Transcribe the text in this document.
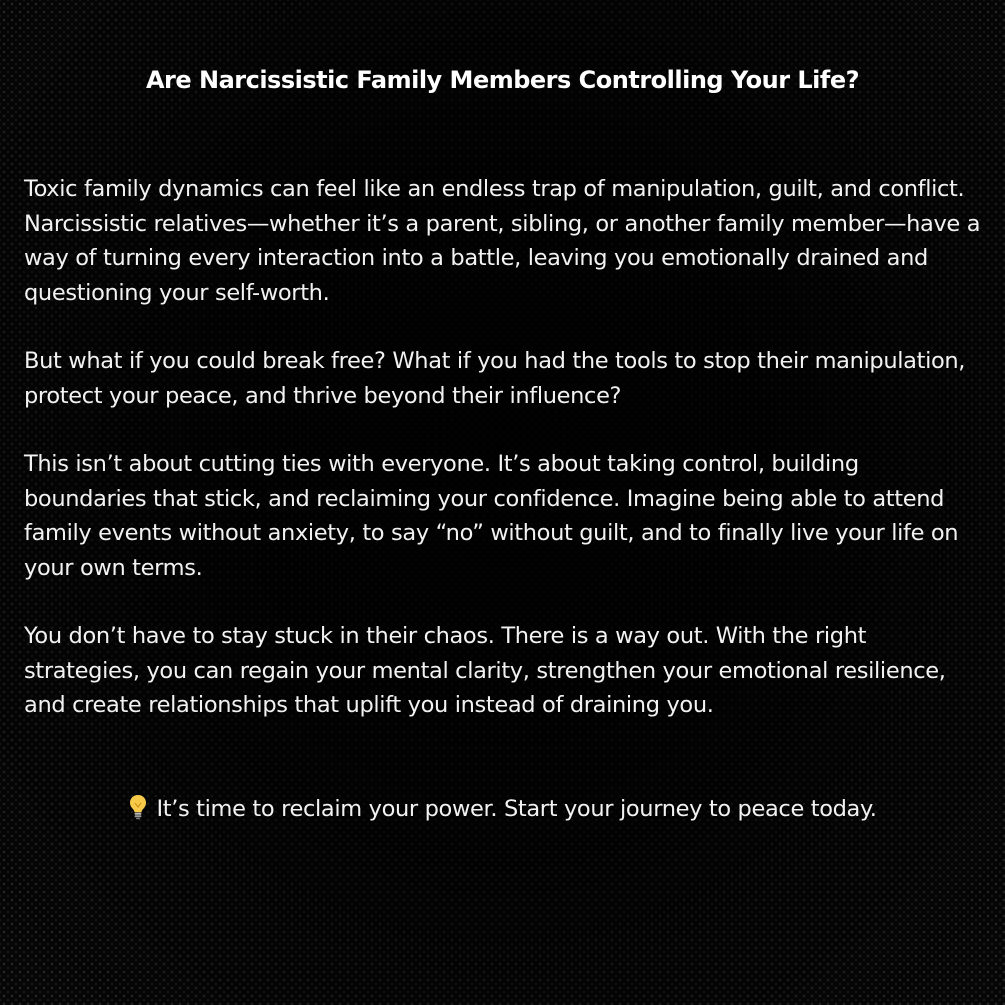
Are Narcissistic Family Members Controlling Your Life?

Toxic family dynamics can feel like an endless trap of manipulation, guilt, and conflict. Narcissistic relatives—whether it’s a parent, sibling, or another family member—have a way of turning every interaction into a battle, leaving you emotionally drained and questioning your self-worth.

But what if you could break free? What if you had the tools to stop their manipulation, protect your peace, and thrive beyond their influence?

This isn’t about cutting ties with everyone. It’s about taking control, building boundaries that stick, and reclaiming your confidence. Imagine being able to attend family events without anxiety, to say “no” without guilt, and to finally live your life on your own terms.

You don’t have to stay stuck in their chaos. There is a way out. With the right strategies, you can regain your mental clarity, strengthen your emotional resilience, and create relationships that uplift you instead of draining you.

It’s time to reclaim your power. Start your journey to peace today.
